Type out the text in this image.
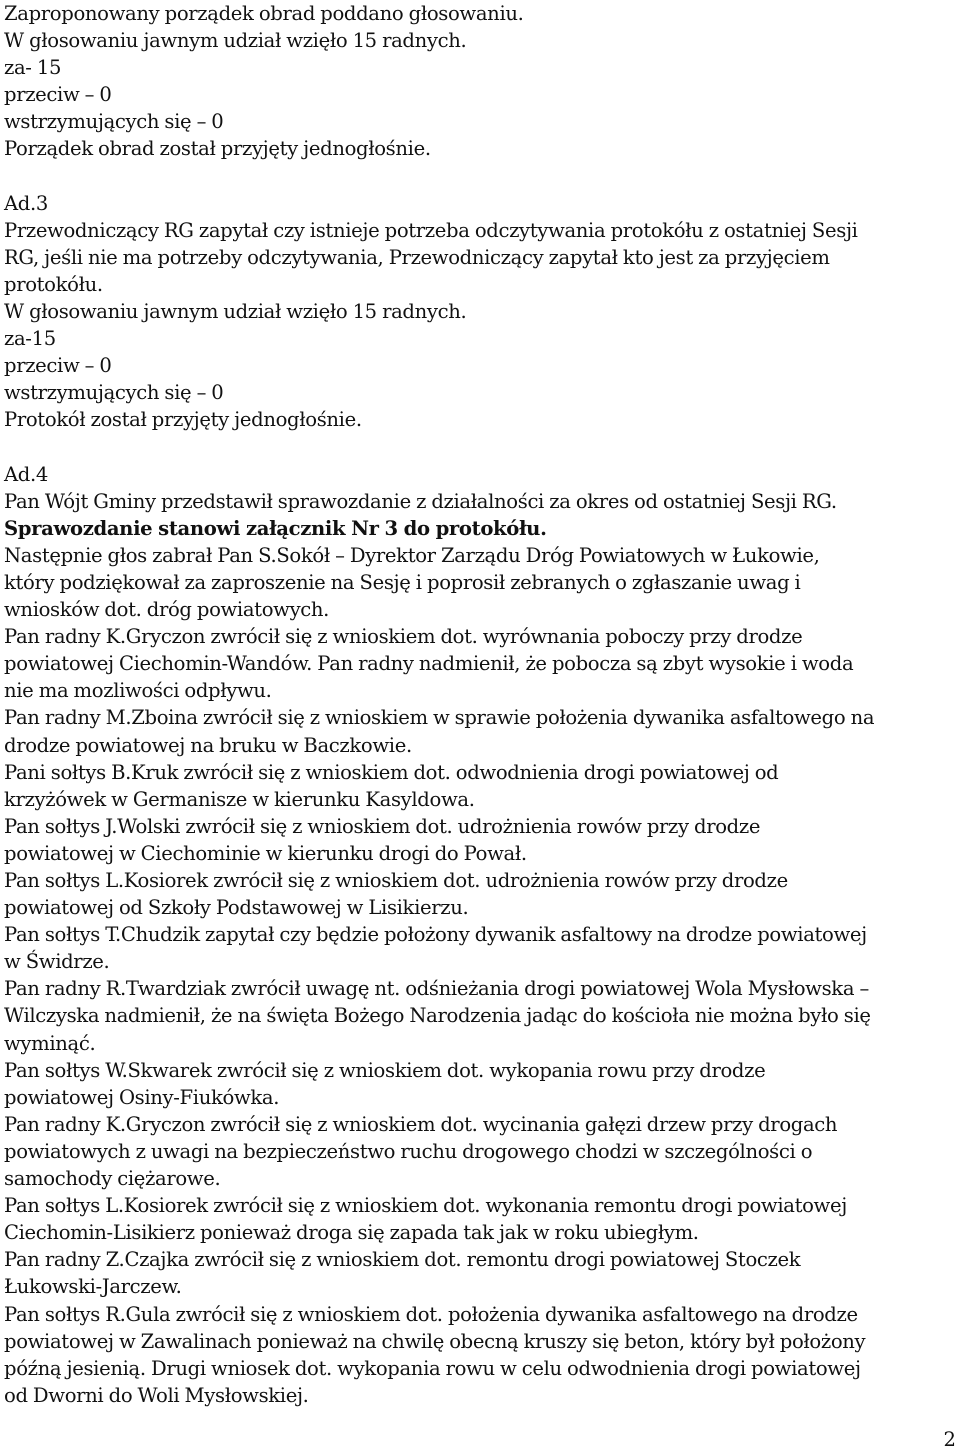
Zaproponowany porządek obrad poddano głosowaniu.
W głosowaniu jawnym udział wzięło 15 radnych.
za- 15
przeciw – 0
wstrzymujących się – 0
Porządek obrad został przyjęty jednogłośnie.
Ad.3
Przewodniczący RG zapytał czy istnieje potrzeba odczytywania protokółu z ostatniej Sesji
RG, jeśli nie ma potrzeby odczytywania, Przewodniczący zapytał kto jest za przyjęciem
protokółu.
W głosowaniu jawnym udział wzięło 15 radnych.
za-15
przeciw – 0
wstrzymujących się – 0
Protokół został przyjęty jednogłośnie.
Ad.4
Pan Wójt Gminy przedstawił sprawozdanie z działalności za okres od ostatniej Sesji RG.
Sprawozdanie stanowi załącznik Nr 3 do protokółu.
Następnie głos zabrał Pan S.Sokół – Dyrektor Zarządu Dróg Powiatowych w Łukowie,
który podziękował za zaproszenie na Sesję i poprosił zebranych o zgłaszanie uwag i
wniosków dot. dróg powiatowych.
Pan radny K.Gryczon zwrócił się z wnioskiem dot. wyrównania poboczy przy drodze
powiatowej Ciechomin-Wandów. Pan radny nadmienił, że pobocza są zbyt wysokie i woda
nie ma mozliwości odpływu.
Pan radny M.Zboina zwrócił się z wnioskiem w sprawie położenia dywanika asfaltowego na
drodze powiatowej na bruku w Baczkowie.
Pani sołtys B.Kruk zwrócił się z wnioskiem dot. odwodnienia drogi powiatowej od
krzyżówek w Germanisze w kierunku Kasyldowa.
Pan sołtys J.Wolski zwrócił się z wnioskiem dot. udrożnienia rowów przy drodze
powiatowej w Ciechominie w kierunku drogi do Pował.
Pan sołtys L.Kosiorek zwrócił się z wnioskiem dot. udrożnienia rowów przy drodze
powiatowej od Szkoły Podstawowej w Lisikierzu.
Pan sołtys T.Chudzik zapytał czy będzie położony dywanik asfaltowy na drodze powiatowej
w Świdrze.
Pan radny R.Twardziak zwrócił uwagę nt. odśnieżania drogi powiatowej Wola Mysłowska –
Wilczyska nadmienił, że na święta Bożego Narodzenia jadąc do kościoła nie można było się
wyminąć.
Pan sołtys W.Skwarek zwrócił się z wnioskiem dot. wykopania rowu przy drodze
powiatowej Osiny-Fiukówka.
Pan radny K.Gryczon zwrócił się z wnioskiem dot. wycinania gałęzi drzew przy drogach
powiatowych z uwagi na bezpieczeństwo ruchu drogowego chodzi w szczególności o
samochody ciężarowe.
Pan sołtys L.Kosiorek zwrócił się z wnioskiem dot. wykonania remontu drogi powiatowej
Ciechomin-Lisikierz ponieważ droga się zapada tak jak w roku ubiegłym.
Pan radny Z.Czajka zwrócił się z wnioskiem dot. remontu drogi powiatowej Stoczek
Łukowski-Jarczew.
Pan sołtys R.Gula zwrócił się z wnioskiem dot. położenia dywanika asfaltowego na drodze
powiatowej w Zawalinach ponieważ na chwilę obecną kruszy się beton, który był położony
późną jesienią. Drugi wniosek dot. wykopania rowu w celu odwodnienia drogi powiatowej
od Dworni do Woli Mysłowskiej.
2
